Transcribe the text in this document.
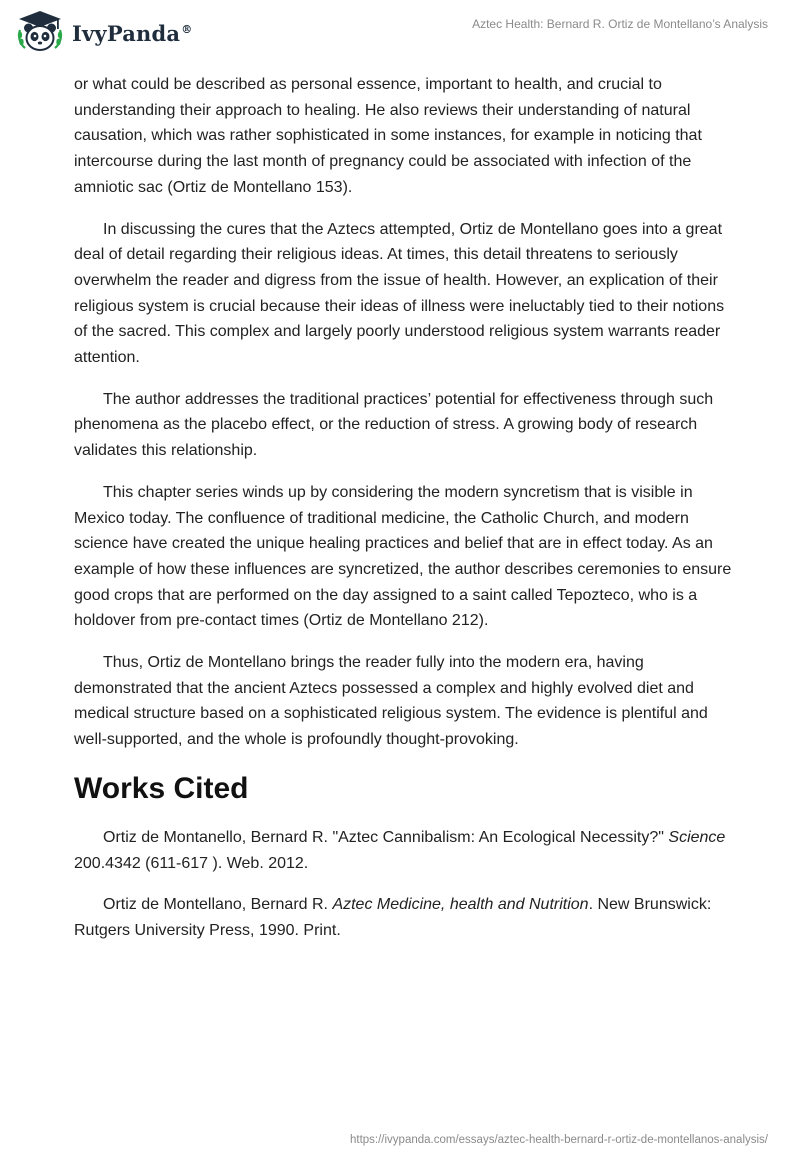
IvyPanda®	Aztec Health: Bernard R. Ortiz de Montellano’s Analysis

or what could be described as personal essence, important to health, and crucial to understanding their approach to healing. He also reviews their understanding of natural causation, which was rather sophisticated in some instances, for example in noticing that intercourse during the last month of pregnancy could be associated with infection of the amniotic sac (Ortiz de Montellano 153).

In discussing the cures that the Aztecs attempted, Ortiz de Montellano goes into a great deal of detail regarding their religious ideas. At times, this detail threatens to seriously overwhelm the reader and digress from the issue of health. However, an explication of their religious system is crucial because their ideas of illness were ineluctably tied to their notions of the sacred. This complex and largely poorly understood religious system warrants reader attention.

The author addresses the traditional practices’ potential for effectiveness through such phenomena as the placebo effect, or the reduction of stress. A growing body of research validates this relationship.

This chapter series winds up by considering the modern syncretism that is visible in Mexico today. The confluence of traditional medicine, the Catholic Church, and modern science have created the unique healing practices and belief that are in effect today. As an example of how these influences are syncretized, the author describes ceremonies to ensure good crops that are performed on the day assigned to a saint called Tepozteco, who is a holdover from pre-contact times (Ortiz de Montellano 212).

Thus, Ortiz de Montellano brings the reader fully into the modern era, having demonstrated that the ancient Aztecs possessed a complex and highly evolved diet and medical structure based on a sophisticated religious system. The evidence is plentiful and well-supported, and the whole is profoundly thought-provoking.

Works Cited

Ortiz de Montanello, Bernard R. "Aztec Cannibalism: An Ecological Necessity?" Science 200.4342 (611-617 ). Web. 2012.

Ortiz de Montellano, Bernard R. Aztec Medicine, health and Nutrition. New Brunswick: Rutgers University Press, 1990. Print.

https://ivypanda.com/essays/aztec-health-bernard-r-ortiz-de-montellanos-analysis/
